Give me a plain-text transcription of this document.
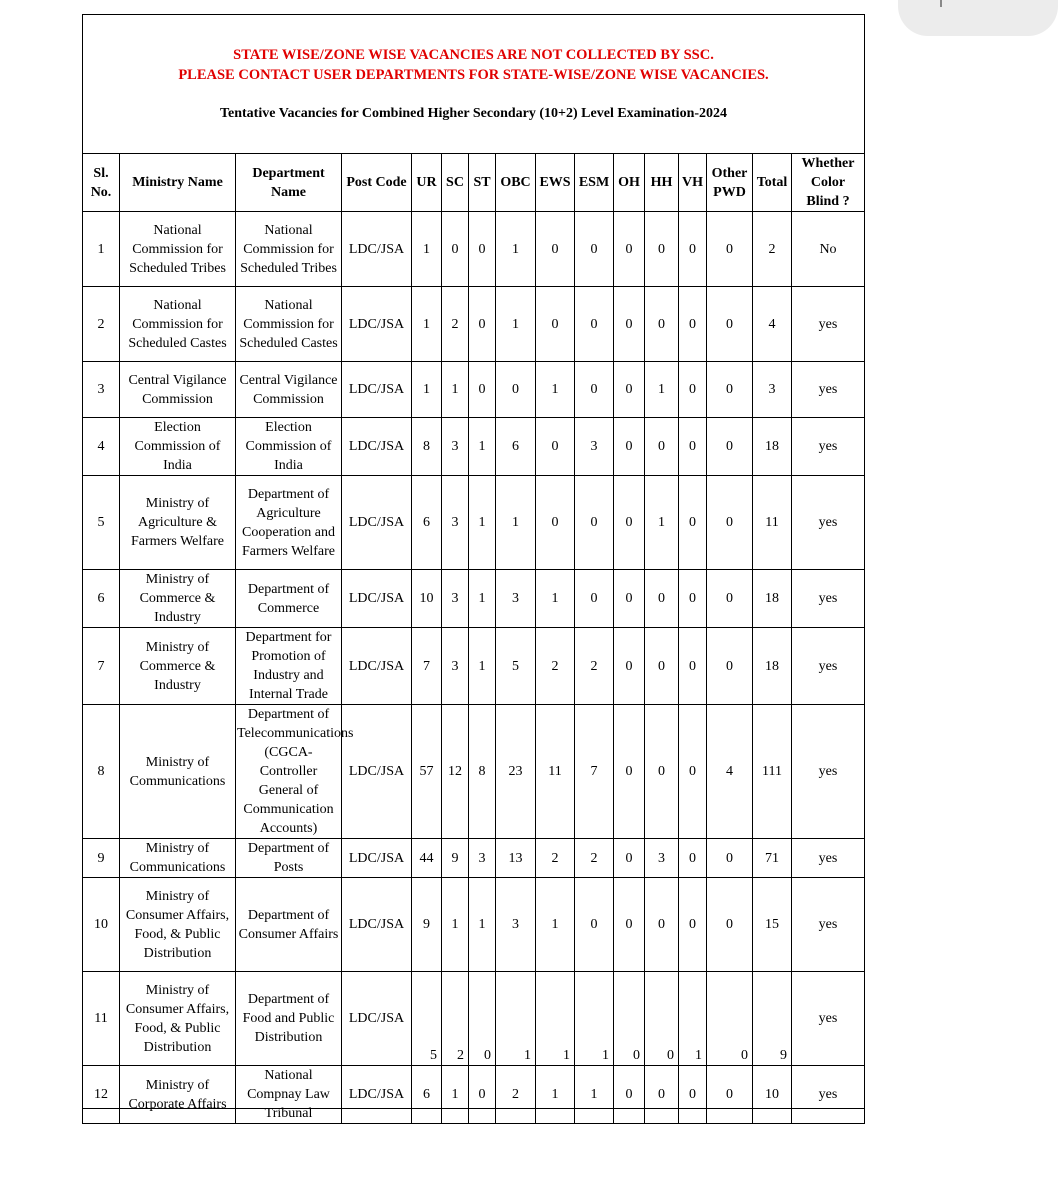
STATE WISE/ZONE WISE VACANCIES ARE NOT COLLECTED BY SSC.
PLEASE CONTACT USER DEPARTMENTS FOR STATE-WISE/ZONE WISE VACANCIES.
Tentative Vacancies for Combined Higher Secondary (10+2) Level Examination-2024
Sl. No.	Ministry Name	Department Name	Post Code	UR	SC	ST	OBC	EWS	ESM	OH	HH	VH	Other PWD	Total	Whether Color Blind ?
1	National Commission for Scheduled Tribes	National Commission for Scheduled Tribes	LDC/JSA	1	0	0	1	0	0	0	0	0	0	2	No
2	National Commission for Scheduled Castes	National Commission for Scheduled Castes	LDC/JSA	1	2	0	1	0	0	0	0	0	0	4	yes
3	Central Vigilance Commission	Central Vigilance Commission	LDC/JSA	1	1	0	0	1	0	0	1	0	0	3	yes
4	Election Commission of India	Election Commission of India	LDC/JSA	8	3	1	6	0	3	0	0	0	0	18	yes
5	Ministry of Agriculture & Farmers Welfare	Department of Agriculture Cooperation and Farmers Welfare	LDC/JSA	6	3	1	1	0	0	0	1	0	0	11	yes
6	Ministry of Commerce & Industry	Department of Commerce	LDC/JSA	10	3	1	3	1	0	0	0	0	0	18	yes
7	Ministry of Commerce & Industry	Department for Promotion of Industry and Internal Trade	LDC/JSA	7	3	1	5	2	2	0	0	0	0	18	yes
8	Ministry of Communications	Department of Telecommunications (CGCA-Controller General of Communication Accounts)	LDC/JSA	57	12	8	23	11	7	0	0	0	4	111	yes
9	Ministry of Communications	Department of Posts	LDC/JSA	44	9	3	13	2	2	0	3	0	0	71	yes
10	Ministry of Consumer Affairs, Food, & Public Distribution	Department of Consumer Affairs	LDC/JSA	9	1	1	3	1	0	0	0	0	0	15	yes
11	Ministry of Consumer Affairs, Food, & Public Distribution	Department of Food and Public Distribution	LDC/JSA	5	2	0	1	1	1	0	0	1	0	9	yes
12	Ministry of Corporate Affairs	National Compnay Law Tribunal	LDC/JSA	6	1	0	2	1	1	0	0	0	0	10	yes
